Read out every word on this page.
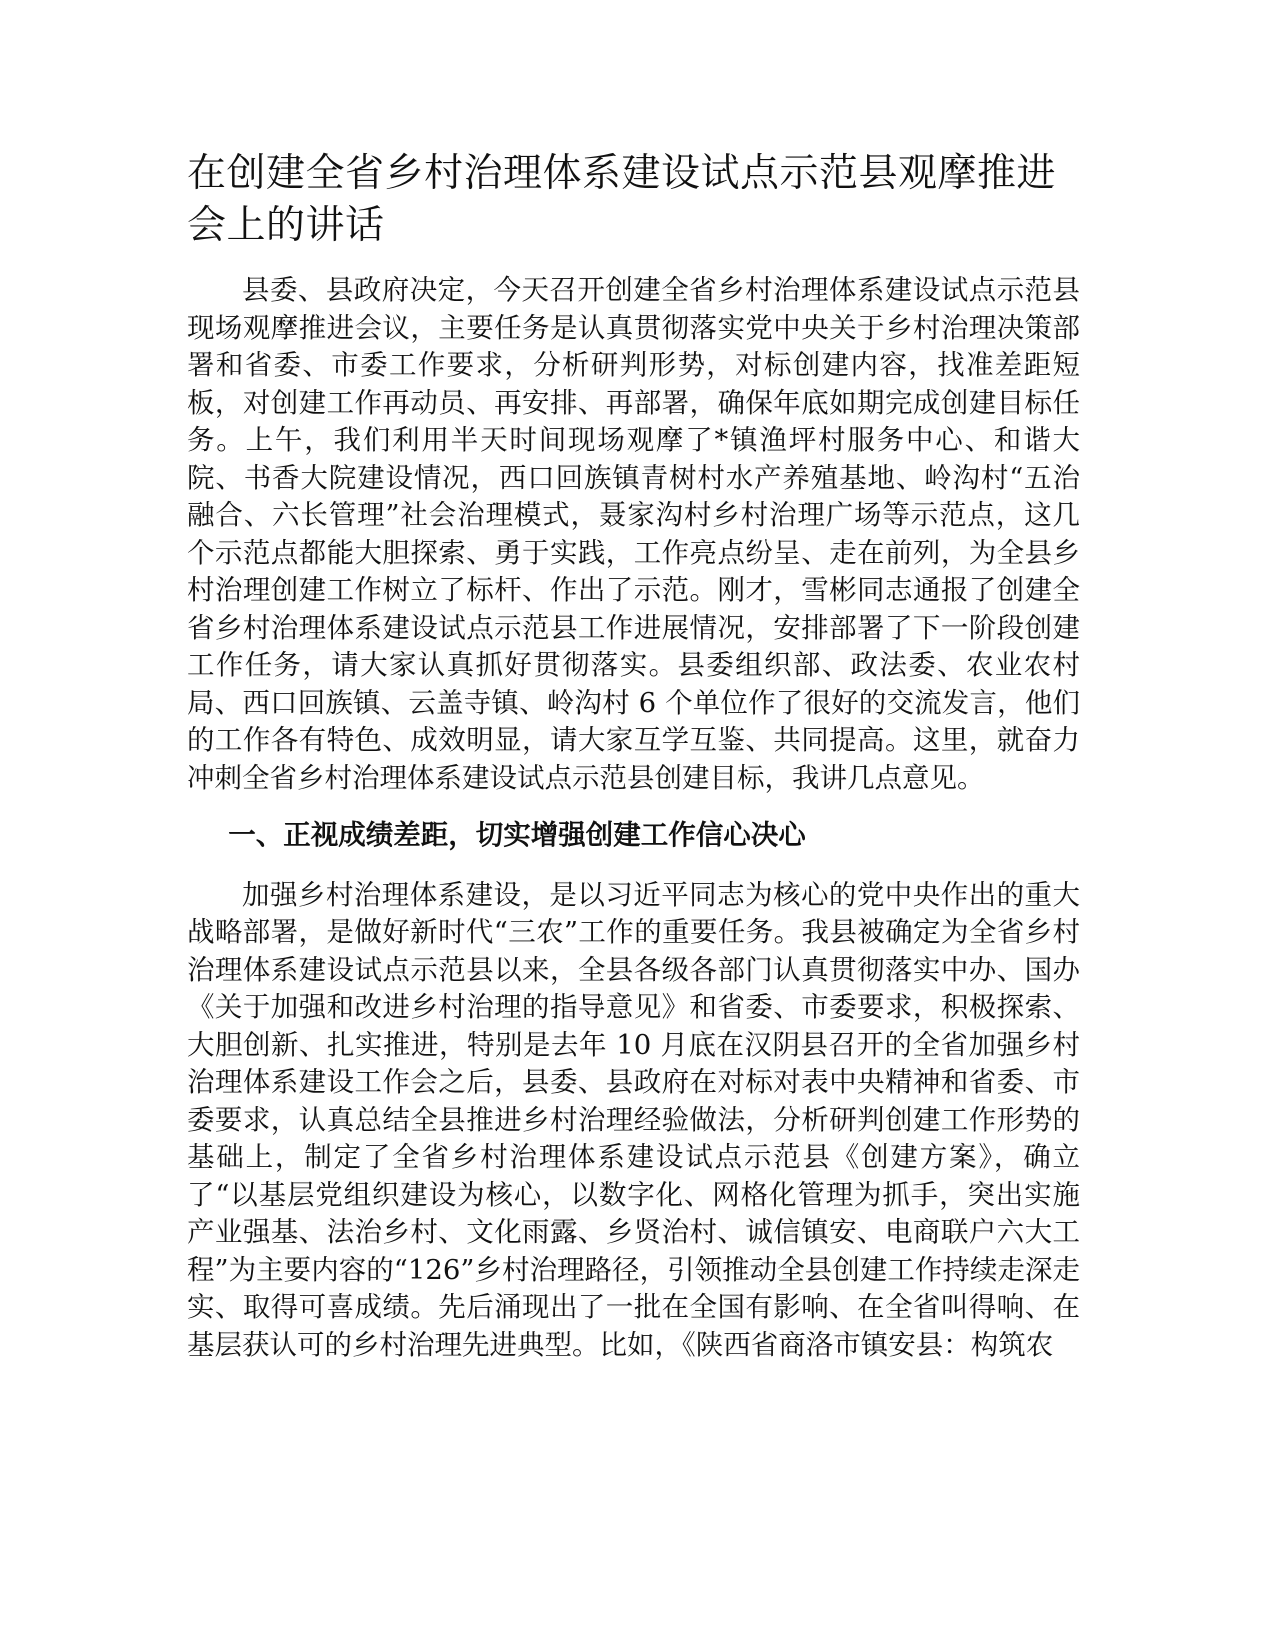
在创建全省乡村治理体系建设试点示范县观摩推进会上的讲话

县委、县政府决定，今天召开创建全省乡村治理体系建设试点示范县现场观摩推进会议，主要任务是认真贯彻落实党中央关于乡村治理决策部署和省委、市委工作要求，分析研判形势，对标创建内容，找准差距短板，对创建工作再动员、再安排、再部署，确保年底如期完成创建目标任务。上午，我们利用半天时间现场观摩了*镇渔坪村服务中心、和谐大院、书香大院建设情况，西口回族镇青树村水产养殖基地、岭沟村“五治融合、六长管理”社会治理模式，聂家沟村乡村治理广场等示范点，这几个示范点都能大胆探索、勇于实践，工作亮点纷呈、走在前列，为全县乡村治理创建工作树立了标杆、作出了示范。刚才，雪彬同志通报了创建全省乡村治理体系建设试点示范县工作进展情况，安排部署了下一阶段创建工作任务，请大家认真抓好贯彻落实。县委组织部、政法委、农业农村局、西口回族镇、云盖寺镇、岭沟村 6 个单位作了很好的交流发言，他们的工作各有特色、成效明显，请大家互学互鉴、共同提高。这里，就奋力冲刺全省乡村治理体系建设试点示范县创建目标，我讲几点意见。

一、正视成绩差距，切实增强创建工作信心决心

加强乡村治理体系建设，是以习近平同志为核心的党中央作出的重大战略部署，是做好新时代“三农”工作的重要任务。我县被确定为全省乡村治理体系建设试点示范县以来，全县各级各部门认真贯彻落实中办、国办《关于加强和改进乡村治理的指导意见》和省委、市委要求，积极探索、大胆创新、扎实推进，特别是去年 10 月底在汉阴县召开的全省加强乡村治理体系建设工作会之后，县委、县政府在对标对表中央精神和省委、市委要求，认真总结全县推进乡村治理经验做法，分析研判创建工作形势的基础上，制定了全省乡村治理体系建设试点示范县《创建方案》，确立了“以基层党组织建设为核心，以数字化、网格化管理为抓手，突出实施产业强基、法治乡村、文化雨露、乡贤治村、诚信镇安、电商联户六大工程”为主要内容的“126”乡村治理路径，引领推动全县创建工作持续走深走实、取得可喜成绩。先后涌现出了一批在全国有影响、在全省叫得响、在基层获认可的乡村治理先进典型。比如，《陕西省商洛市镇安县：构筑农
